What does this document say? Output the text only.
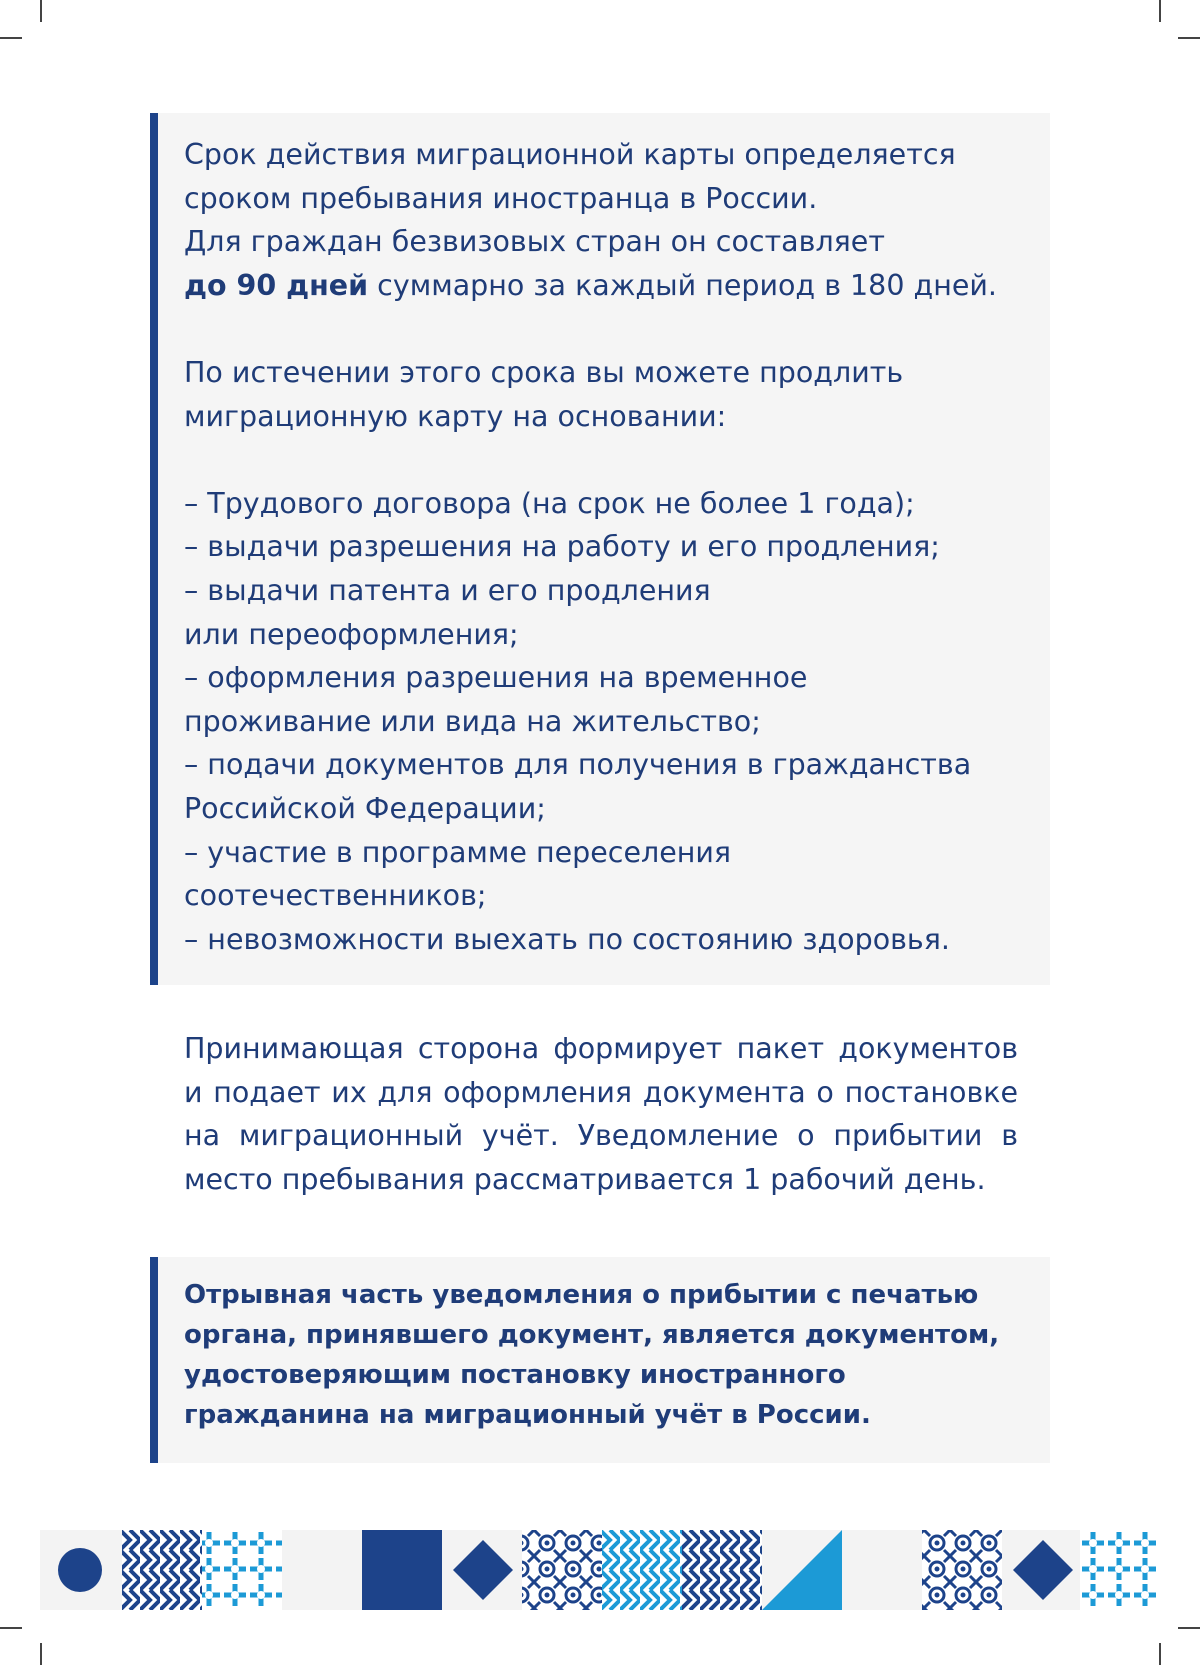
Срок действия миграционной карты определяется
сроком пребывания иностранца в России.
Для граждан безвизовых стран он составляет
до 90 дней суммарно за каждый период в 180 дней.
По истечении этого срока вы можете продлить
миграционную карту на основании:
– Трудового договора (на срок не более 1 года);
– выдачи разрешения на работу и его продления;
– выдачи патента и его продления
или переоформления;
– оформления разрешения на временное
проживание или вида на жительство;
– подачи документов для получения в гражданства
Российской Федерации;
– участие в программе переселения
соотечественников;
– невозможности выехать по состоянию здоровья.
Принимающая сторона формирует пакет документов
и подает их для оформления документа о постановке
на миграционный учёт. Уведомление о прибытии в
место пребывания рассматривается 1 рабочий день.
Отрывная часть уведомления о прибытии с печатью
органа, принявшего документ, является документом,
удостоверяющим постановку иностранного
гражданина на миграционный учёт в России.
